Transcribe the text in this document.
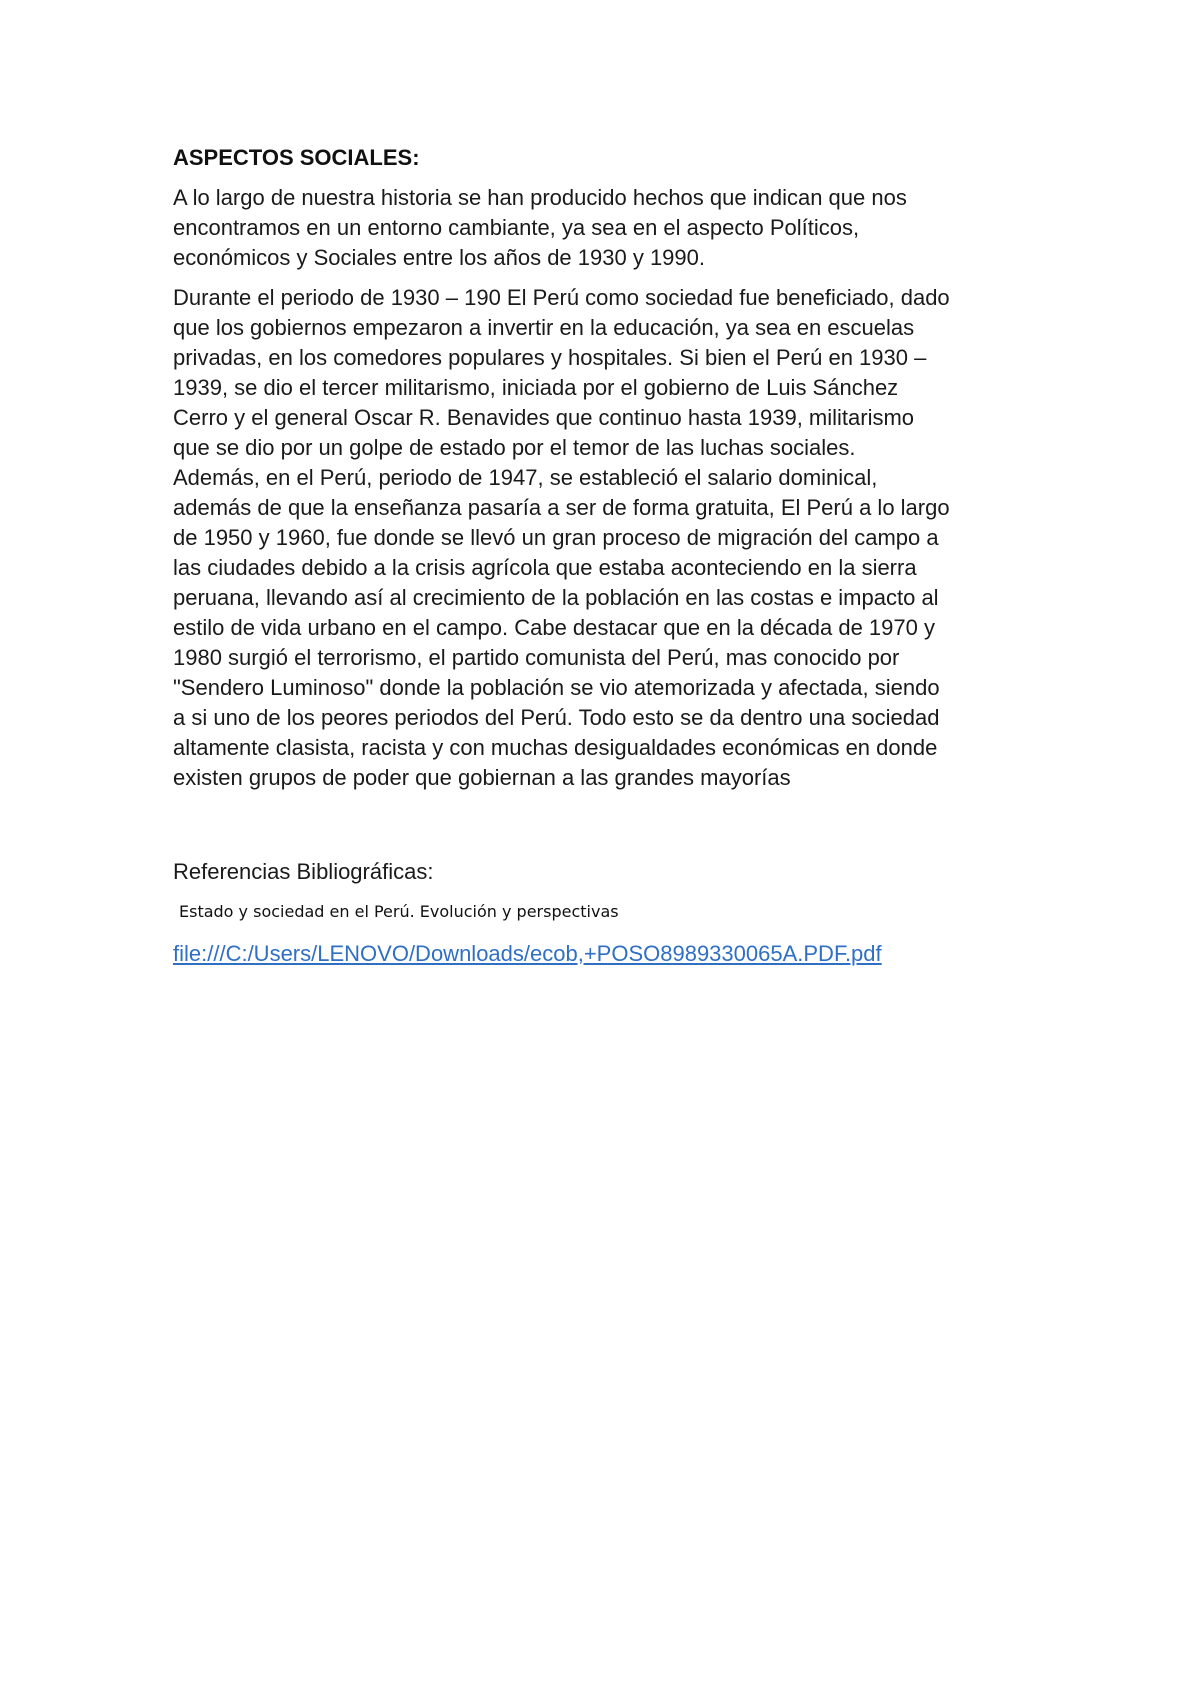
ASPECTOS SOCIALES:

A lo largo de nuestra historia se han producido hechos que indican que nos
encontramos en un entorno cambiante, ya sea en el aspecto Políticos,
económicos y Sociales entre los años de 1930 y 1990.

Durante el periodo de 1930 – 190 El Perú como sociedad fue beneficiado, dado
que los gobiernos empezaron a invertir en la educación, ya sea en escuelas
privadas, en los comedores populares y hospitales. Si bien el Perú en 1930 –
1939, se dio el tercer militarismo, iniciada por el gobierno de Luis Sánchez
Cerro y el general Oscar R. Benavides que continuo hasta 1939, militarismo
que se dio por un golpe de estado por el temor de las luchas sociales.
Además, en el Perú, periodo de 1947, se estableció el salario dominical,
además de que la enseñanza pasaría a ser de forma gratuita, El Perú a lo largo
de 1950 y 1960, fue donde se llevó un gran proceso de migración del campo a
las ciudades debido a la crisis agrícola que estaba aconteciendo en la sierra
peruana, llevando así al crecimiento de la población en las costas e impacto al
estilo de vida urbano en el campo. Cabe destacar que en la década de 1970 y
1980 surgió el terrorismo, el partido comunista del Perú, mas conocido por
"Sendero Luminoso" donde la población se vio atemorizada y afectada, siendo
a si uno de los peores periodos del Perú. Todo esto se da dentro una sociedad
altamente clasista, racista y con muchas desigualdades económicas en donde
existen grupos de poder que gobiernan a las grandes mayorías

Referencias Bibliográficas:

Estado y sociedad en el Perú. Evolución y perspectivas

file:///C:/Users/LENOVO/Downloads/ecob,+POSO8989330065A.PDF.pdf
